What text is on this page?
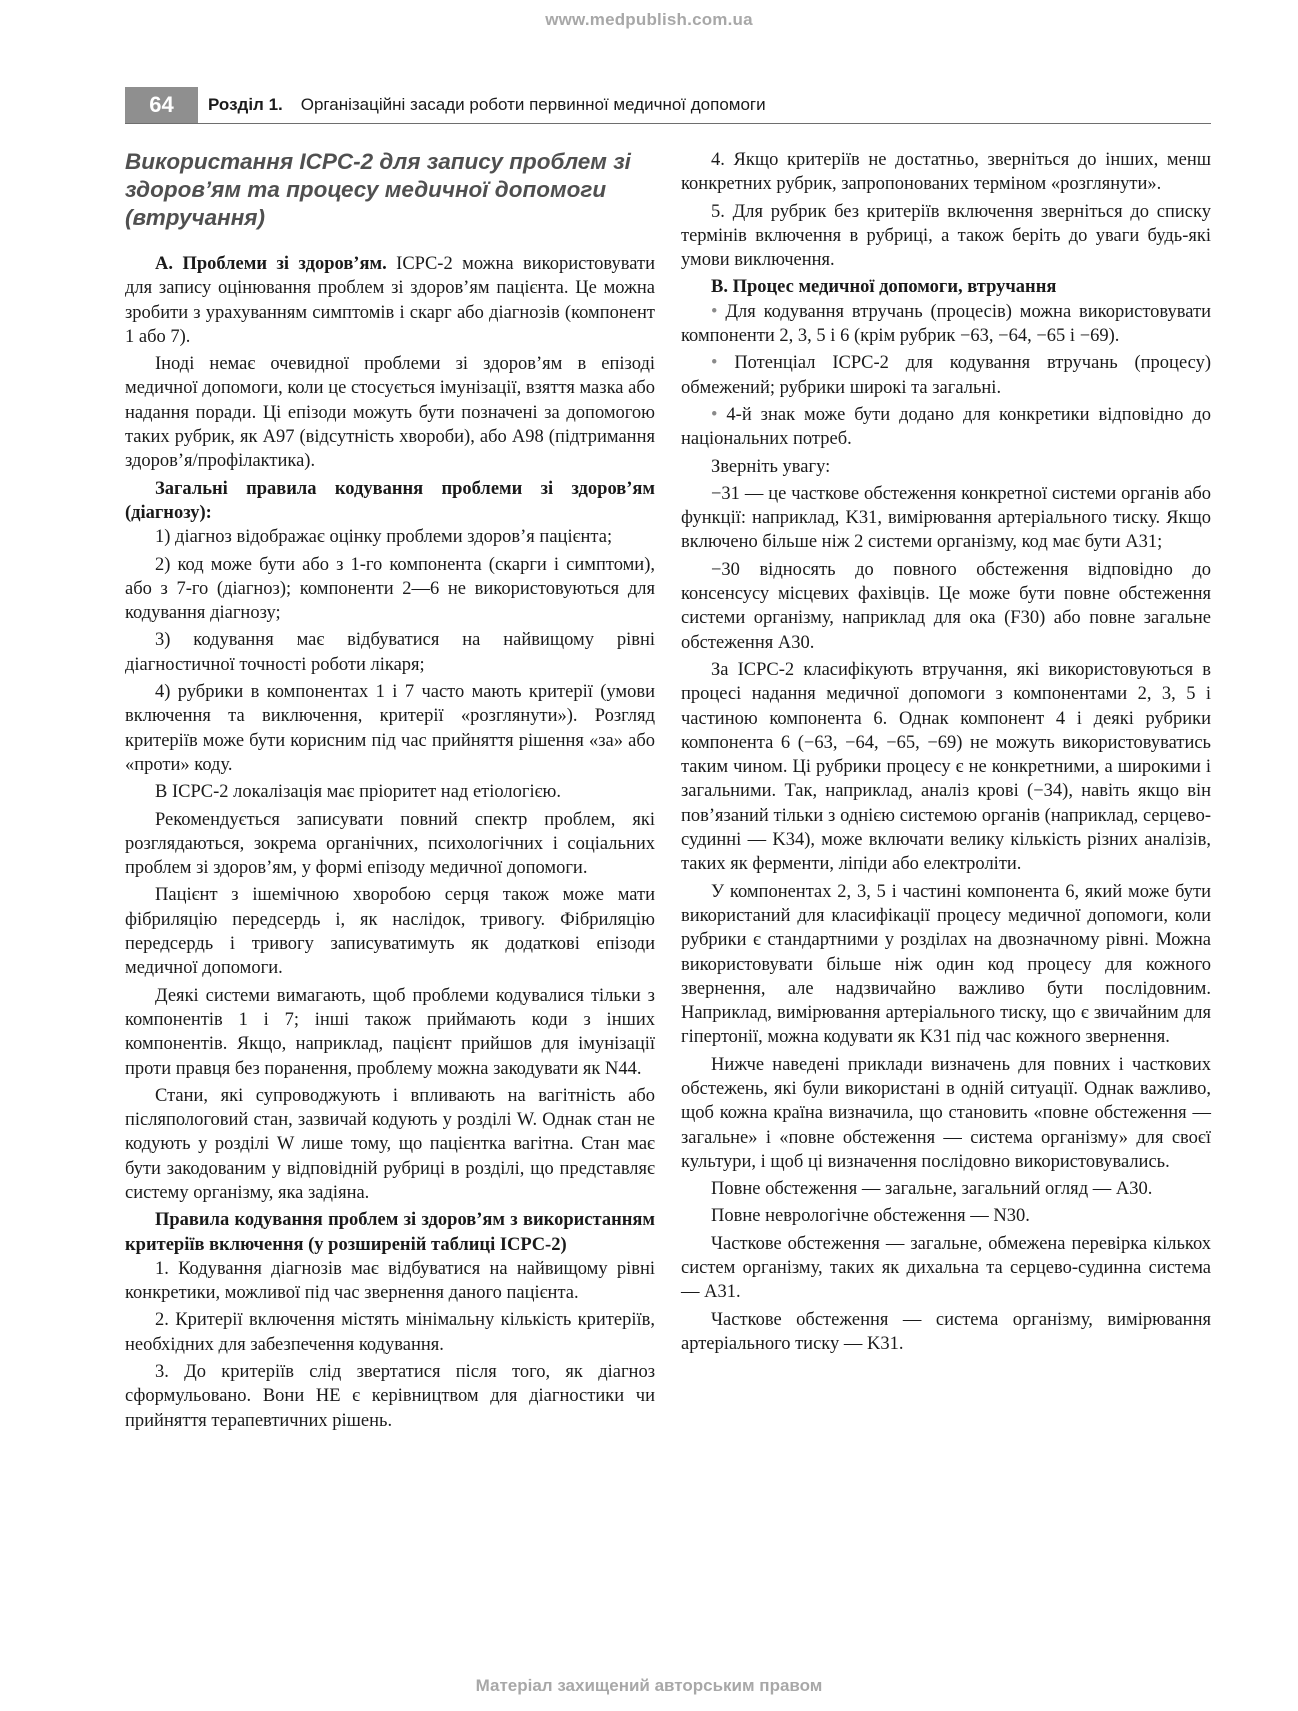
www.medpublish.com.ua
64	Розділ 1. Організаційні засади роботи первинної медичної допомоги
Використання ICPC-2 для запису проблем зі здоров’ям та процесу медичної допомоги (втручання)

А. Проблеми зі здоров’ям. ICPC-2 можна використовувати для запису оцінювання проблем зі здоров’ям пацієнта. Це можна зробити з урахуванням симптомів і скарг або діагнозів (компонент 1 або 7).

Іноді немає очевидної проблеми зі здоров’ям в епізоді медичної допомоги, коли це стосується імунізації, взяття мазка або надання поради. Ці епізоди можуть бути позначені за допомогою таких рубрик, як A97 (відсутність хвороби), або A98 (підтримання здоров’я/профілактика).

Загальні правила кодування проблеми зі здоров’ям (діагнозу):

1) діагноз відображає оцінку проблеми здоров’я пацієнта;

2) код може бути або з 1-го компонента (скарги і симптоми), або з 7-го (діагноз); компоненти 2—6 не використовуються для кодування діагнозу;

3) кодування має відбуватися на найвищому рівні діагностичної точності роботи лікаря;

4) рубрики в компонентах 1 і 7 часто мають критерії (умови включення та виключення, критерії «розглянути»). Розгляд критеріїв може бути корисним під час прийняття рішення «за» або «проти» коду.

В ICPC-2 локалізація має пріоритет над етіологією.

Рекомендується записувати повний спектр проблем, які розглядаються, зокрема органічних, психологічних і соціальних проблем зі здоров’ям, у формі епізоду медичної допомоги.

Пацієнт з ішемічною хворобою серця також може мати фібриляцію передсердь і, як наслідок, тривогу. Фібриляцію передсердь і тривогу записуватимуть як додаткові епізоди медичної допомоги.

Деякі системи вимагають, щоб проблеми кодувалися тільки з компонентів 1 і 7; інші також приймають коди з інших компонентів. Якщо, наприклад, пацієнт прийшов для імунізації проти правця без поранення, проблему можна закодувати як N44.

Стани, які супроводжують і впливають на вагітність або післяпологовий стан, зазвичай кодують у розділі W. Однак стан не кодують у розділі W лише тому, що пацієнтка вагітна. Стан має бути закодованим у відповідній рубриці в розділі, що представляє систему організму, яка задіяна.

Правила кодування проблем зі здоров’ям з використанням критеріїв включення (у розширеній таблиці ICPC-2)

1. Кодування діагнозів має відбуватися на найвищому рівні конкретики, можливої під час звернення даного пацієнта.

2. Критерії включення містять мінімальну кількість критеріїв, необхідних для забезпечення кодування.

3. До критеріїв слід звертатися після того, як діагноз сформульовано. Вони НЕ є керівництвом для діагностики чи прийняття терапевтичних рішень.

4. Якщо критеріїв не достатньо, зверніться до інших, менш конкретних рубрик, запропонованих терміном «розглянути».

5. Для рубрик без критеріїв включення зверніться до списку термінів включення в рубриці, а також беріть до уваги будь-які умови виключення.

В. Процес медичної допомоги, втручання

• Для кодування втручань (процесів) можна використовувати компоненти 2, 3, 5 і 6 (крім рубрик −63, −64, −65 і −69).

• Потенціал ICPC-2 для кодування втручань (процесу) обмежений; рубрики широкі та загальні.

• 4-й знак може бути додано для конкретики відповідно до національних потреб.

Зверніть увагу:

−31 — це часткове обстеження конкретної системи органів або функції: наприклад, K31, вимірювання артеріального тиску. Якщо включено більше ніж 2 системи організму, код має бути A31;

−30 відносять до повного обстеження відповідно до консенсусу місцевих фахівців. Це може бути повне обстеження системи організму, наприклад для ока (F30) або повне загальне обстеження A30.

За ICPC-2 класифікують втручання, які використовуються в процесі надання медичної допомоги з компонентами 2, 3, 5 і частиною компонента 6. Однак компонент 4 і деякі рубрики компонента 6 (−63, −64, −65, −69) не можуть використовуватись таким чином. Ці рубрики процесу є не конкретними, а широкими і загальними. Так, наприклад, аналіз крові (−34), навіть якщо він пов’язаний тільки з однією системою органів (наприклад, серцево-судинні — K34), може включати велику кількість різних аналізів, таких як ферменти, ліпіди або електроліти.

У компонентах 2, 3, 5 і частині компонента 6, який може бути використаний для класифікації процесу медичної допомоги, коли рубрики є стандартними у розділах на двозначному рівні. Можна використовувати більше ніж один код процесу для кожного звернення, але надзвичайно важливо бути послідовним. Наприклад, вимірювання артеріального тиску, що є звичайним для гіпертонії, можна кодувати як K31 під час кожного звернення.

Нижче наведені приклади визначень для повних і часткових обстежень, які були використані в одній ситуації. Однак важливо, щоб кожна країна визначила, що становить «повне обстеження — загальне» і «повне обстеження — система організму» для своєї культури, і щоб ці визначення послідовно використовувались.

Повне обстеження — загальне, загальний огляд — A30.

Повне неврологічне обстеження — N30.

Часткове обстеження — загальне, обмежена перевірка кількох систем організму, таких як дихальна та серцево-судинна система — A31.

Часткове обстеження — система організму, вимірювання артеріального тиску — K31.

Матеріал захищений авторським правом
